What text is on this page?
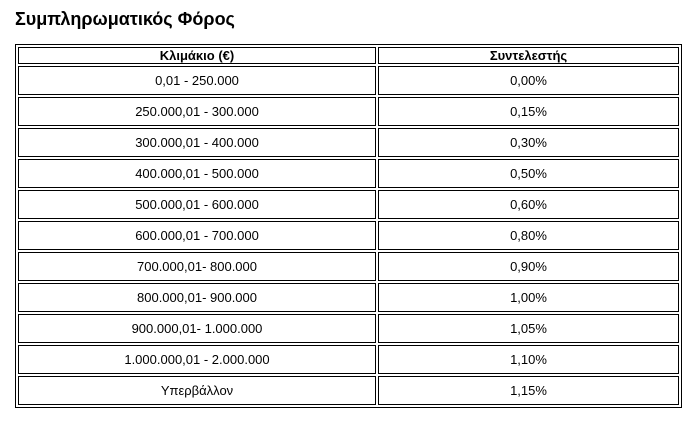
Συμπληρωματικός Φόρος
Κλιμάκιο (€)	Συντελεστής
0,01 - 250.000	0,00%
250.000,01 - 300.000	0,15%
300.000,01 - 400.000	0,30%
400.000,01 - 500.000	0,50%
500.000,01 - 600.000	0,60%
600.000,01 - 700.000	0,80%
700.000,01- 800.000	0,90%
800.000,01- 900.000	1,00%
900.000,01- 1.000.000	1,05%
1.000.000,01 - 2.000.000	1,10%
Υπερβάλλον	1,15%
